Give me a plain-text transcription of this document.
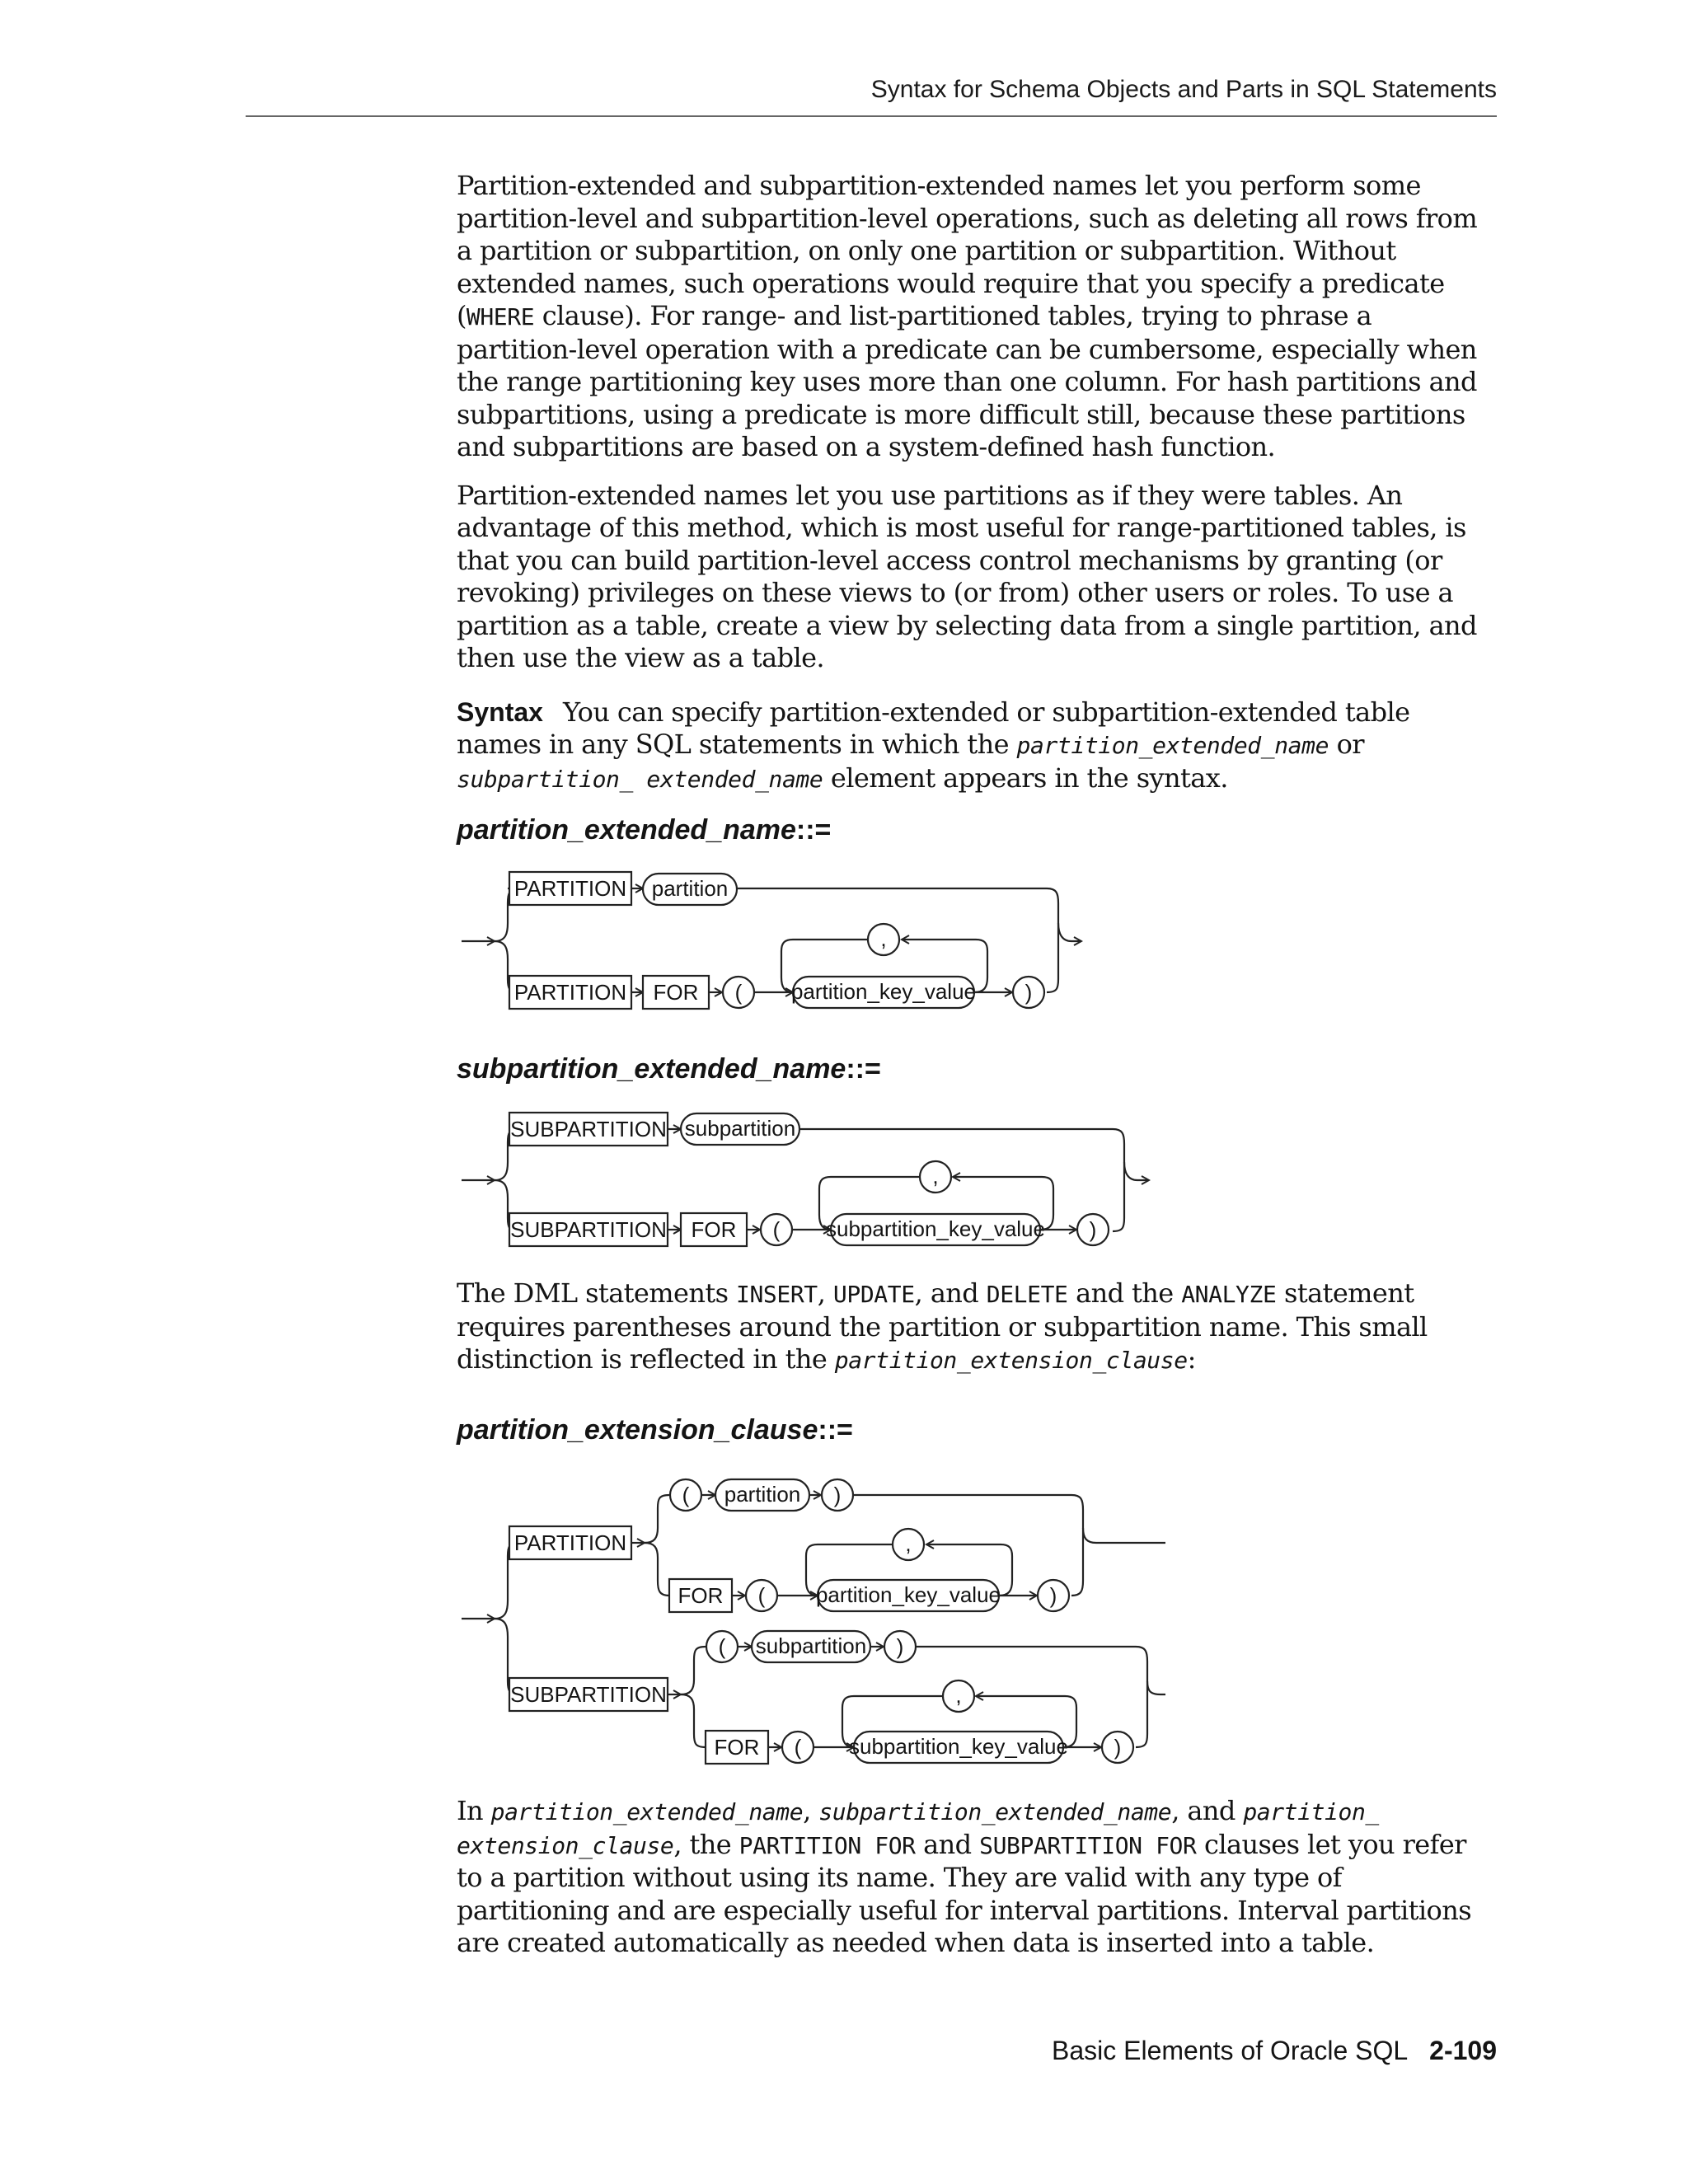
Syntax for Schema Objects and Parts in SQL Statements

Partition-extended and subpartition-extended names let you perform some partition-level and subpartition-level operations, such as deleting all rows from a partition or subpartition, on only one partition or subpartition. Without extended names, such operations would require that you specify a predicate (WHERE clause). For range- and list-partitioned tables, trying to phrase a partition-level operation with a predicate can be cumbersome, especially when the range partitioning key uses more than one column. For hash partitions and subpartitions, using a predicate is more difficult still, because these partitions and subpartitions are based on a system-defined hash function.

Partition-extended names let you use partitions as if they were tables. An advantage of this method, which is most useful for range-partitioned tables, is that you can build partition-level access control mechanisms by granting (or revoking) privileges on these views to (or from) other users or roles. To use a partition as a table, create a view by selecting data from a single partition, and then use the view as a table.

Syntax You can specify partition-extended or subpartition-extended table names in any SQL statements in which the partition_extended_name or subpartition_ extended_name element appears in the syntax.

partition_extended_name::=
PARTITION partition
PARTITION FOR ( partition_key_value )
,
SUBPARTITION subpartition
SUBPARTITION FOR ( subpartition_key_value )
,
PARTITION
( partition )
FOR ( partition_key_value )
,
SUBPARTITION
( subpartition )
FOR ( subpartition_key_value )
,
subpartition_extended_name::=

The DML statements INSERT, UPDATE, and DELETE and the ANALYZE statement requires parentheses around the partition or subpartition name. This small distinction is reflected in the partition_extension_clause:

partition_extension_clause::=

In partition_extended_name, subpartition_extended_name, and partition_ extension_clause, the PARTITION FOR and SUBPARTITION FOR clauses let you refer to a partition without using its name. They are valid with any type of partitioning and are especially useful for interval partitions. Interval partitions are created automatically as needed when data is inserted into a table.

Basic Elements of Oracle SQL 2-109
